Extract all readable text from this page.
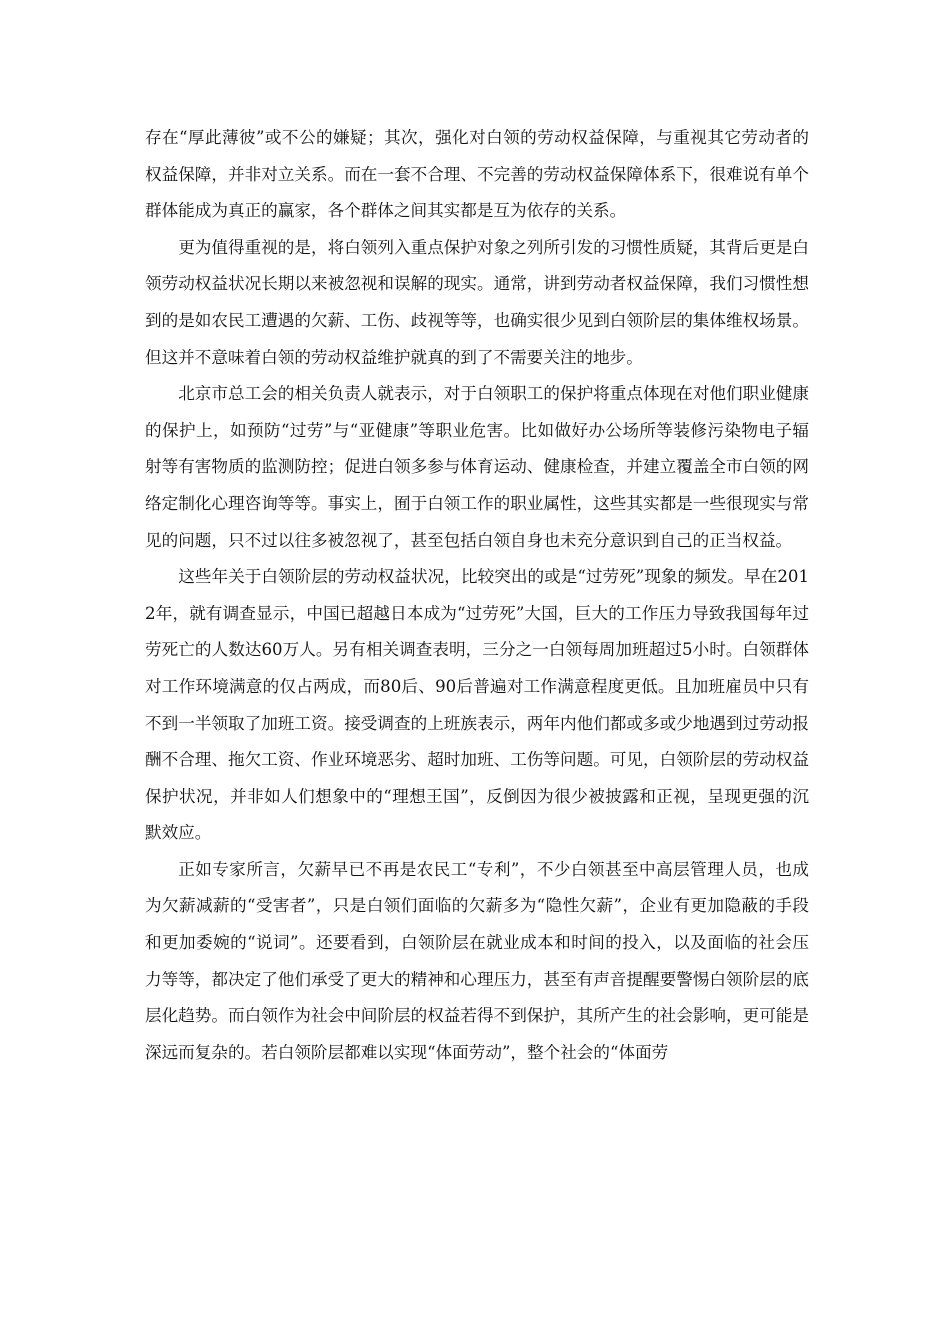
存在“厚此薄彼”或不公的嫌疑；其次，强化对白领的劳动权益保障，与重视其它劳动者的权益保障，并非对立关系。而在一套不合理、不完善的劳动权益保障体系下，很难说有单个群体能成为真正的赢家，各个群体之间其实都是互为依存的关系。

更为值得重视的是，将白领列入重点保护对象之列所引发的习惯性质疑，其背后更是白领劳动权益状况长期以来被忽视和误解的现实。通常，讲到劳动者权益保障，我们习惯性想到的是如农民工遭遇的欠薪、工伤、歧视等等，也确实很少见到白领阶层的集体维权场景。但这并不意味着白领的劳动权益维护就真的到了不需要关注的地步。

北京市总工会的相关负责人就表示，对于白领职工的保护将重点体现在对他们职业健康的保护上，如预防“过劳”与“亚健康”等职业危害。比如做好办公场所等装修污染物电子辐射等有害物质的监测防控；促进白领多参与体育运动、健康检查，并建立覆盖全市白领的网络定制化心理咨询等等。事实上，囿于白领工作的职业属性，这些其实都是一些很现实与常见的问题，只不过以往多被忽视了，甚至包括白领自身也未充分意识到自己的正当权益。

这些年关于白领阶层的劳动权益状况，比较突出的或是“过劳死”现象的频发。早在2012年，就有调查显示，中国已超越日本成为“过劳死”大国，巨大的工作压力导致我国每年过劳死亡的人数达60万人。另有相关调查表明，三分之一白领每周加班超过5小时。白领群体对工作环境满意的仅占两成，而80后、90后普遍对工作满意程度更低。且加班雇员中只有不到一半领取了加班工资。接受调查的上班族表示，两年内他们都或多或少地遇到过劳动报酬不合理、拖欠工资、作业环境恶劣、超时加班、工伤等问题。可见，白领阶层的劳动权益保护状况，并非如人们想象中的“理想王国”，反倒因为很少被披露和正视，呈现更强的沉默效应。

正如专家所言，欠薪早已不再是农民工“专利”，不少白领甚至中高层管理人员，也成为欠薪减薪的“受害者”，只是白领们面临的欠薪多为“隐性欠薪”，企业有更加隐蔽的手段和更加委婉的“说词”。还要看到，白领阶层在就业成本和时间的投入，以及面临的社会压力等等，都决定了他们承受了更大的精神和心理压力，甚至有声音提醒要警惕白领阶层的底层化趋势。而白领作为社会中间阶层的权益若得不到保护，其所产生的社会影响，更可能是深远而复杂的。若白领阶层都难以实现“体面劳动”，整个社会的“体面劳
